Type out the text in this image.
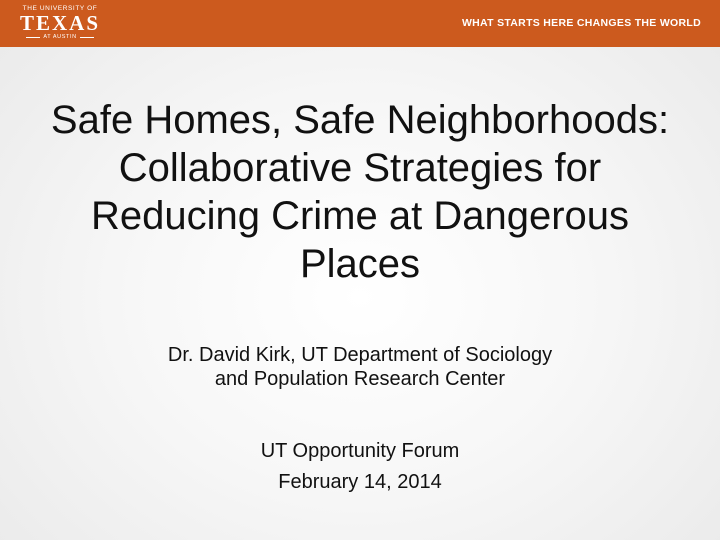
THE UNIVERSITY OF
TEXAS
AT AUSTIN
WHAT STARTS HERE CHANGES THE WORLD
Safe Homes, Safe Neighborhoods: Collaborative Strategies for Reducing Crime at Dangerous Places
Dr. David Kirk, UT Department of Sociology
and Population Research Center
UT Opportunity Forum
February 14, 2014
